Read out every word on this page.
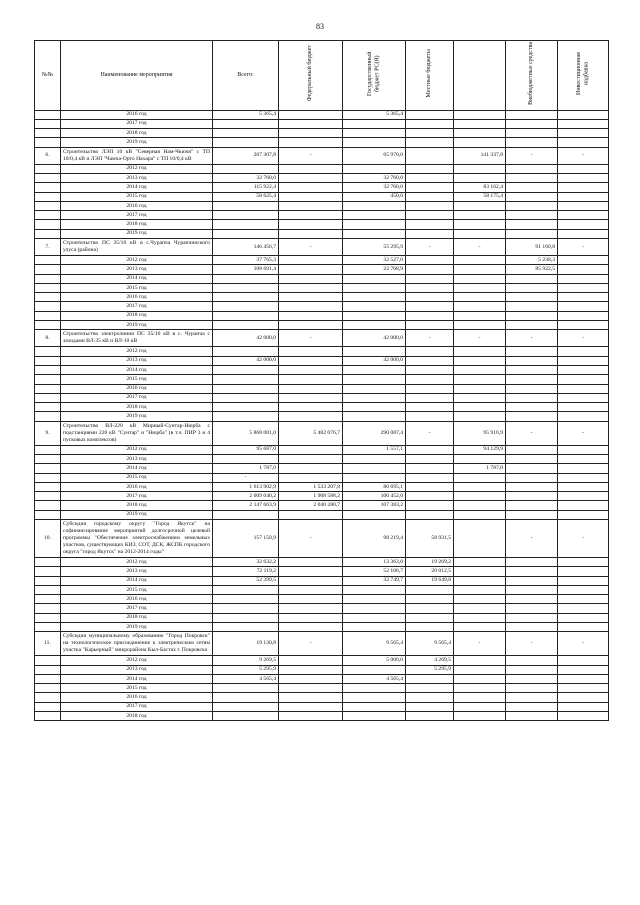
83
№№	Наименование мероприятия	Всего:	Федеральный бюджет	Государственный бюджет РС(Я)	Местные бюджеты		Внебюджетные средства	Инвестиционная надбавка
	2016 год	5 365,4		5 365,4				
	2017 год							
	2018 год							
	2019 год							
6.	Строительство ЛЭП 10 кВ "Северная Нам-Чкючя" с ТП 10/0,4 кВ и ЛЭП "Чамча-Орто Нахара" с ТП 10/0,4 кВ	207 307,8	-	65 970,0		141 337,8	-	-
	2012 год							
	2013 год	32 760,0		32 760,0				
	2014 год	115 922,4		32 760,0		83 162,4		
	2015 год	58 625,4		450,0		58 175,4		
	2016 год							
	2017 год							
	2018 год							
	2019 год							
7.	Строительство ПС 35/10 кВ в с.Чурапча Чурапчинского улуса (района)	146 456,7	-	55 295,9	-	-	91 160,8	-
	2012 год	37 765,3		32 527,0			5 238,3	
	2013 год	108 691,4		22 768,9			85 922,5	
	2014 год							
	2015 год							
	2016 год							
	2017 год							
	2018 год							
	2019 год							
8.	Строительство электролинии ПС 35/10 кВ в с. Чурапча с заходами ВЛ-35 кВ и ВЛ-10 кВ	42 000,0	-	42 000,0	-	-	-	-
	2012 год							
	2013 год	42 000,0		42 000,0				
	2014 год							
	2015 год							
	2016 год							
	2017 год							
	2018 год							
	2019 год							
9.	Строительство ВЛ-220 кВ Мирный-Сунтар-Нюрба с подстанциями 220 кВ "Сунтар" и "Нюрба" (в т.ч. ПИР 3 и 4 пусковых комплексов)	5 868 081,0	5 482 076,7	290 087,4	-	95 916,9	-	-
	2012 год	95 687,0		1 557,1		94 129,9		
	2013 год							
	2014 год	1 787,0				1 787,0		
	2015 год	-						
	2016 год	1 613 902,9	1 533 207,8	80 695,1				
	2017 год	2 009 040,2	1 908 588,2	100 452,0				
	2018 год	2 147 663,9	2 040 280,7	107 383,2				
	2019 год							
10.	Субсидия городскому округу "Город Якутск" на софинансирование мероприятий долгосрочной целевой программы "Обеспечение электроснабжением земельных участков, существующих КИЗ, СОТ, ДСК, ЖСПК городского округа "город Якутск" на 2012-2014 годы"	157 150,9	-	98 219,4	58 931,5		-	-
	2012 год	32 632,2		13 363,0	19 269,2			
	2013 год	72 119,2		52 106,7	20 012,5			
	2014 год	52 399,5		32 749,7	19 649,8			
	2015 год							
	2016 год							
	2017 год							
	2018 год							
	2019 год							
11.	Субсидия муниципальному образованию "Город Покровск" на технологическое присоединение к электрическим сетям участка "Карьерный" микрорайона Кыл-Бастах г. Покровска	19 130,8	-	9 565,4	9 565,4	-	-	-
	2012 год	9 269,5		5 000,0	4 269,5			
	2013 год	5 295,9			5 295,9			
	2014 год	4 565,4		4 565,4				
	2015 год							
	2016 год							
	2017 год							
	2018 год							
